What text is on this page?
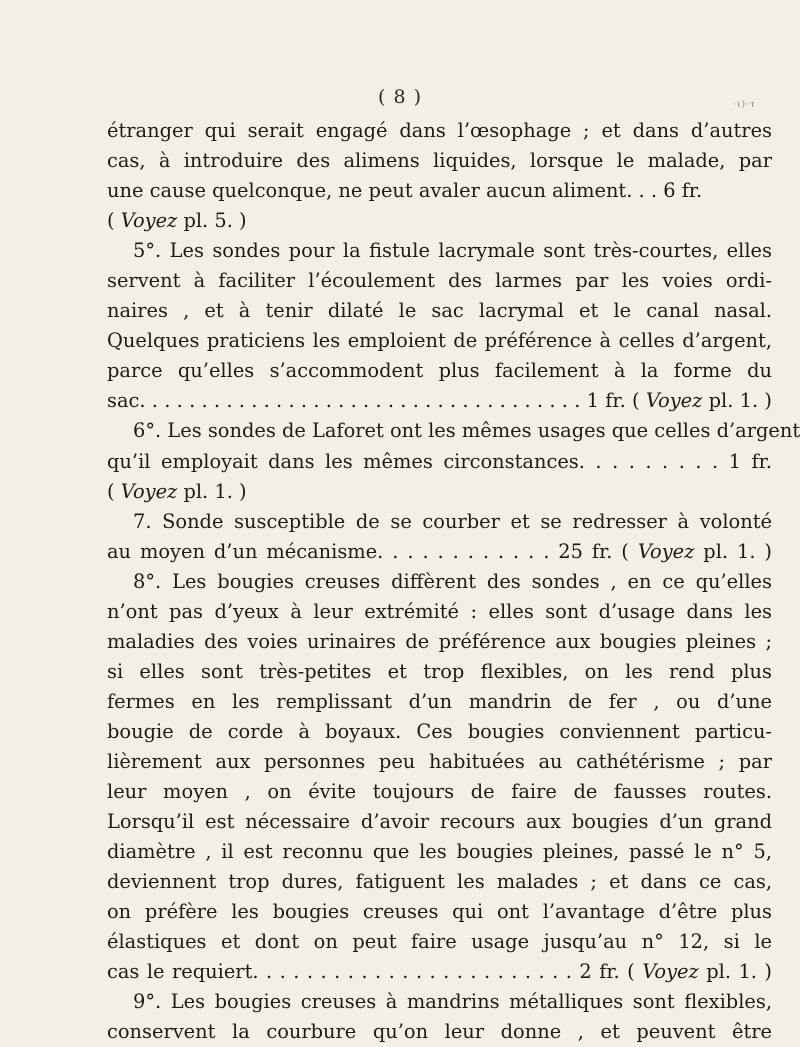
( 8 )	·ι)·τ
étranger qui serait engagé dans l’œsophage ; et dans d’autres
cas, à introduire des alimens liquides, lorsque le malade, par
une cause quelconque, ne peut avaler aucun aliment. . . 6 fr.
( Voyez pl. 5. )
5°. Les sondes pour la fistule lacrymale sont très-courtes, elles
servent à faciliter l’écoulement des larmes par les voies ordi-
naires , et à tenir dilaté le sac lacrymal et le canal nasal.
Quelques praticiens les emploient de préférence à celles d’argent,
parce qu’elles s’accommodent plus facilement à la forme du
sac. . . . . . . . . . . . . . . . . . . . . . . . . . . . . . . . . . . . 1 fr. ( Voyez pl. 1. )
6°. Les sondes de Laforet ont les mêmes usages que celles d’argent
qu’il employait dans les mêmes circonstances. . . . . . . . . 1 fr.
( Voyez pl. 1. )
7. Sonde susceptible de se courber et se redresser à volonté
au moyen d’un mécanisme. . . . . . . . . . . . 25 fr. ( Voyez pl. 1. )
8°. Les bougies creuses diffèrent des sondes , en ce qu’elles
n’ont pas d’yeux à leur extrémité : elles sont d’usage dans les
maladies des voies urinaires de préférence aux bougies pleines ;
si elles sont très-petites et trop flexibles, on les rend plus
fermes en les remplissant d’un mandrin de fer , ou d’une
bougie de corde à boyaux. Ces bougies conviennent particu-
lièrement aux personnes peu habituées au cathétérisme ; par
leur moyen , on évite toujours de faire de fausses routes.
Lorsqu’il est nécessaire d’avoir recours aux bougies d’un grand
diamètre , il est reconnu que les bougies pleines, passé le n° 5,
deviennent trop dures, fatiguent les malades ; et dans ce cas,
on préfère les bougies creuses qui ont l’avantage d’être plus
élastiques et dont on peut faire usage jusqu’au n° 12, si le
cas le requiert. . . . . . . . . . . . . . . . . . . . . . . . 2 fr. ( Voyez pl. 1. )
9°. Les bougies creuses à mandrins métalliques sont flexibles,
conservent la courbure qu’on leur donne , et peuvent être
